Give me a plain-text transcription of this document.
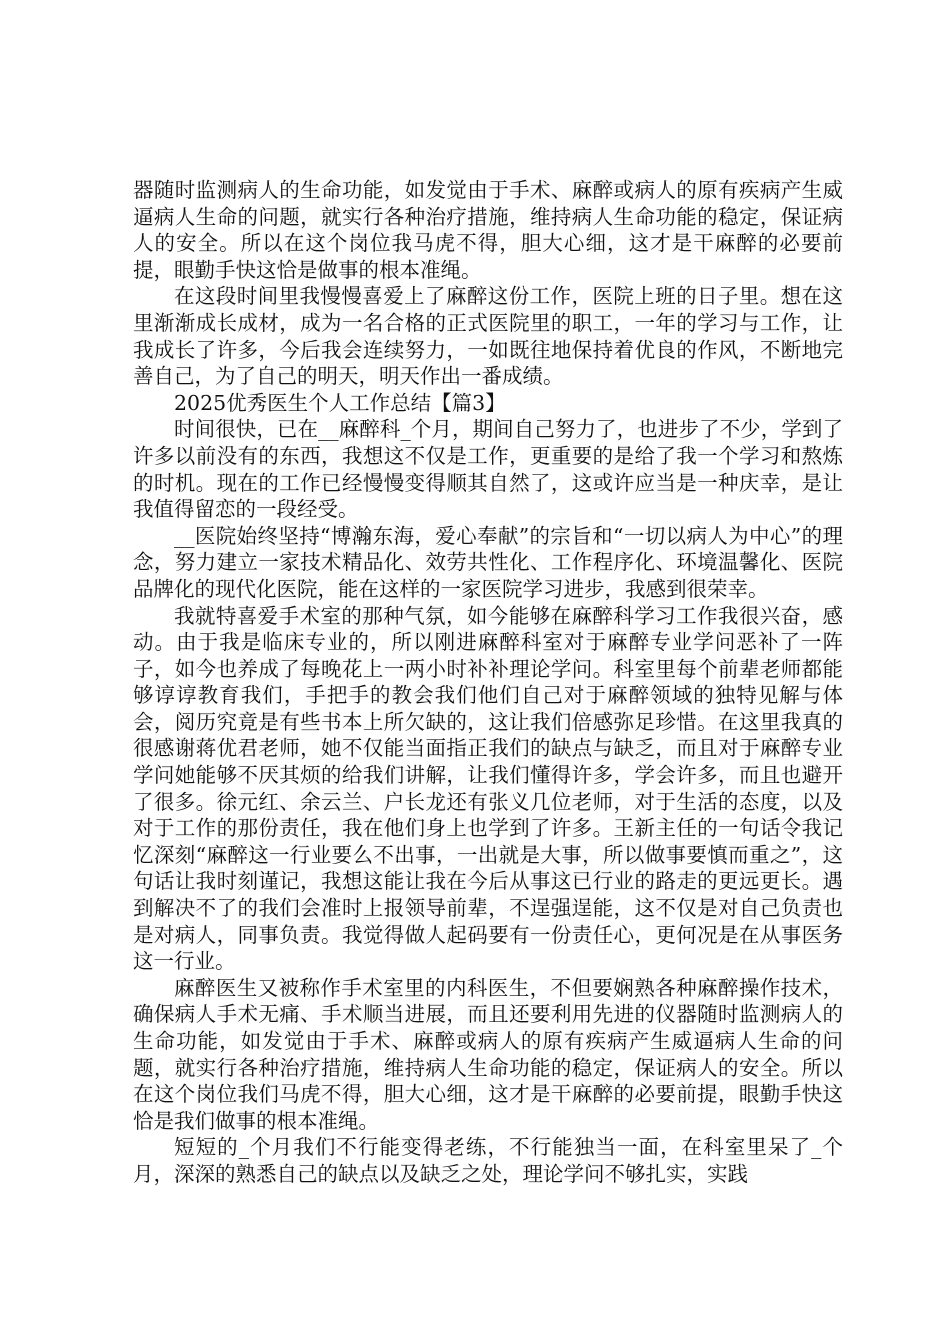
器随时监测病人的生命功能，如发觉由于手术、麻醉或病人的原有疾病产生威逼病人生命的问题，就实行各种治疗措施，维持病人生命功能的稳定，保证病人的安全。所以在这个岗位我马虎不得，胆大心细，这才是干麻醉的必要前提，眼勤手快这恰是做事的根本准绳。

在这段时间里我慢慢喜爱上了麻醉这份工作，医院上班的日子里。想在这里渐渐成长成材，成为一名合格的正式医院里的职工，一年的学习与工作，让我成长了许多，今后我会连续努力，一如既往地保持着优良的作风，不断地完善自己，为了自己的明天，明天作出一番成绩。

2025优秀医生个人工作总结【篇3】

时间很快，已在__麻醉科_个月，期间自己努力了，也进步了不少，学到了许多以前没有的东西，我想这不仅是工作，更重要的是给了我一个学习和熬炼的时机。现在的工作已经慢慢变得顺其自然了，这或许应当是一种庆幸，是让我值得留恋的一段经受。

__医院始终坚持“博瀚东海，爱心奉献”的宗旨和“一切以病人为中心”的理念，努力建立一家技术精品化、效劳共性化、工作程序化、环境温馨化、医院品牌化的现代化医院，能在这样的一家医院学习进步，我感到很荣幸。

我就特喜爱手术室的那种气氛，如今能够在麻醉科学习工作我很兴奋，感动。由于我是临床专业的，所以刚进麻醉科室对于麻醉专业学问恶补了一阵子，如今也养成了每晚花上一两小时补补理论学问。科室里每个前辈老师都能够谆谆教育我们，手把手的教会我们他们自己对于麻醉领域的独特见解与体会，阅历究竟是有些书本上所欠缺的，这让我们倍感弥足珍惜。在这里我真的很感谢蒋优君老师，她不仅能当面指正我们的缺点与缺乏，而且对于麻醉专业学问她能够不厌其烦的给我们讲解，让我们懂得许多，学会许多，而且也避开了很多。徐元红、余云兰、户长龙还有张义几位老师，对于生活的态度，以及对于工作的那份责任，我在他们身上也学到了许多。王新主任的一句话令我记忆深刻“麻醉这一行业要么不出事，一出就是大事，所以做事要慎而重之”，这句话让我时刻谨记，我想这能让我在今后从事这已行业的路走的更远更长。遇到解决不了的我们会准时上报领导前辈，不逞强逞能，这不仅是对自己负责也是对病人，同事负责。我觉得做人起码要有一份责任心，更何况是在从事医务这一行业。

麻醉医生又被称作手术室里的内科医生，不但要娴熟各种麻醉操作技术，确保病人手术无痛、手术顺当进展，而且还要利用先进的仪器随时监测病人的生命功能，如发觉由于手术、麻醉或病人的原有疾病产生威逼病人生命的问题，就实行各种治疗措施，维持病人生命功能的稳定，保证病人的安全。所以在这个岗位我们马虎不得，胆大心细，这才是干麻醉的必要前提，眼勤手快这恰是我们做事的根本准绳。

短短的_个月我们不行能变得老练，不行能独当一面，在科室里呆了_个月，深深的熟悉自己的缺点以及缺乏之处，理论学问不够扎实，实践
